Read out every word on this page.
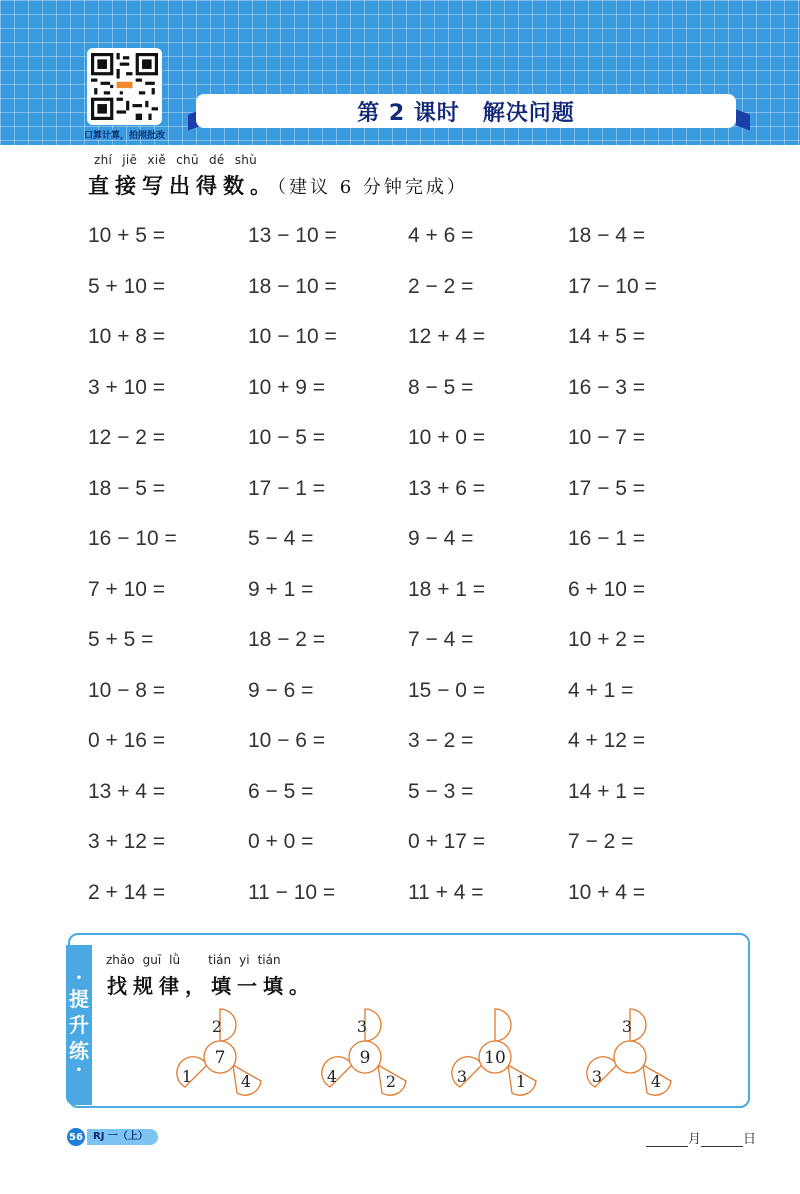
口算计算，拍照批改
第 2 课时　解决问题
zhí jiē xiě chū dé shù
直接写出得数。（建议 6 分钟完成）
10 + 5 =	13 − 10 =	4 + 6 =	18 − 4 =
5 + 10 =	18 − 10 =	2 − 2 =	17 − 10 =
10 + 8 =	10 − 10 =	12 + 4 =	14 + 5 =
3 + 10 =	10 + 9 =	8 − 5 =	16 − 3 =
12 − 2 =	10 − 5 =	10 + 0 =	10 − 7 =
18 − 5 =	17 − 1 =	13 + 6 =	17 − 5 =
16 − 10 =	5 − 4 =	9 − 4 =	16 − 1 =
7 + 10 =	9 + 1 =	18 + 1 =	6 + 10 =
5 + 5 =	18 − 2 =	7 − 4 =	10 + 2 =
10 − 8 =	9 − 6 =	15 − 0 =	4 + 1 =
0 + 16 =	10 − 6 =	3 − 2 =	4 + 12 =
13 + 4 =	6 − 5 =	5 − 3 =	14 + 1 =
3 + 12 =	0 + 0 =	0 + 17 =	7 − 2 =
2 + 14 =	11 − 10 =	11 + 4 =	10 + 4 =
•
提
升
练
•
zhǎo guī lǜ tián yi tián
找规律，填一填。
7
2
1	4
9
3
4	2
10
3	1
3
3	4
56	RJ 一（上）	月	日
